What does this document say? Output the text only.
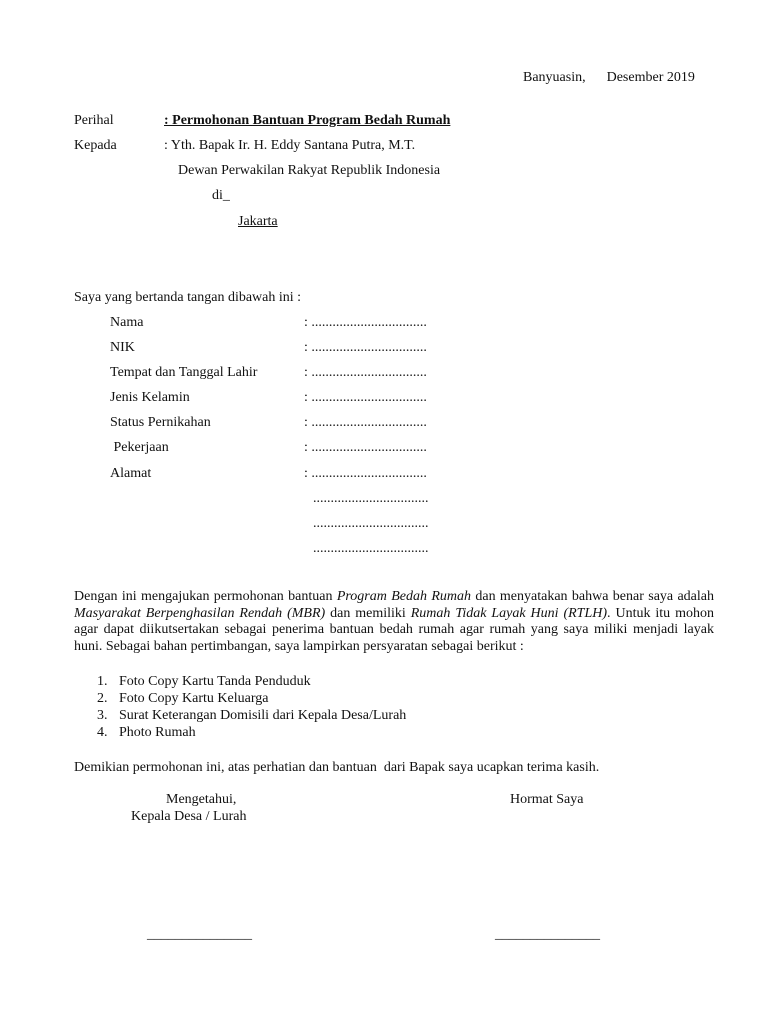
Banyuasin,      Desember 2019
Perihal	: Permohonan Bantuan Program Bedah Rumah
Kepada	: Yth. Bapak Ir. H. Eddy Santana Putra, M.T.
Dewan Perwakilan Rakyat Republik Indonesia
di_
Jakarta
Saya yang bertanda tangan dibawah ini :
Nama	: .................................
NIK	: .................................
Tempat dan Tanggal Lahir	: .................................
Jenis Kelamin	: .................................
Status Pernikahan	: .................................
Pekerjaan	: .................................
Alamat	: .................................
.................................
.................................
.................................
Dengan ini mengajukan permohonan bantuan Program Bedah Rumah dan menyatakan bahwa benar saya adalah Masyarakat Berpenghasilan Rendah (MBR) dan memiliki Rumah Tidak Layak Huni (RTLH). Untuk itu mohon agar dapat diikutsertakan sebagai penerima bantuan bedah rumah agar rumah yang saya miliki menjadi layak huni. Sebagai bahan pertimbangan, saya lampirkan persyaratan sebagai berikut :
1. Foto Copy Kartu Tanda Penduduk
2. Foto Copy Kartu Keluarga
3. Surat Keterangan Domisili dari Kepala Desa/Lurah
4. Photo Rumah
Demikian permohonan ini, atas perhatian dan bantuan  dari Bapak saya ucapkan terima kasih.
Mengetahui,
Kepala Desa / Lurah
Hormat Saya
_______________	_______________
